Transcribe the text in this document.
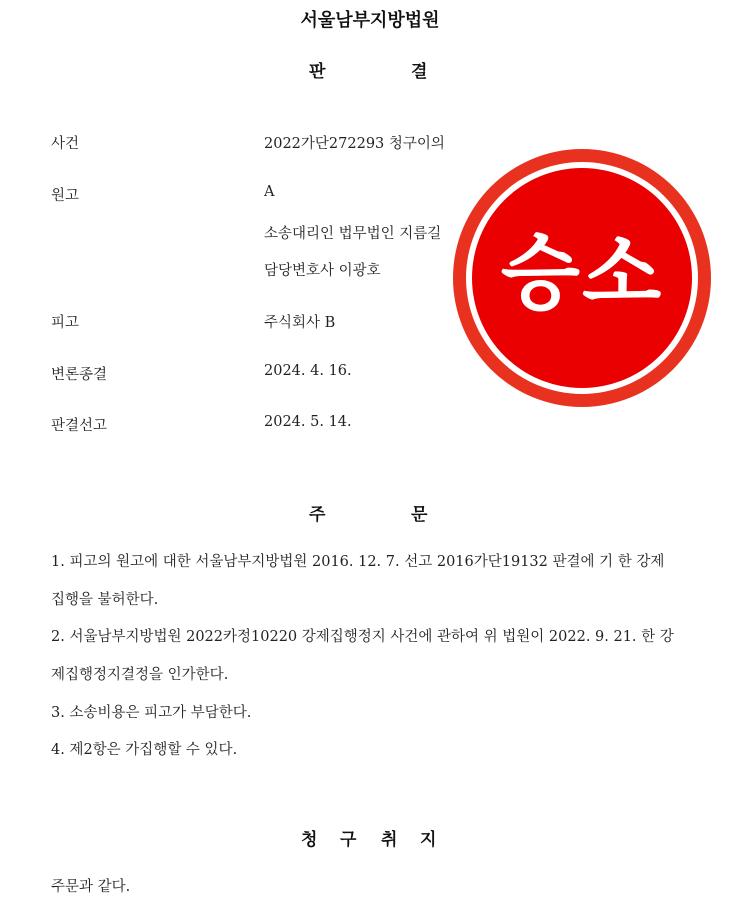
서울남부지방법원
판	결
사건	2022가단272293 청구이의
원고	A
소송대리인 법무법인 지름길
담당변호사 이광호
피고	주식회사 B
변론종결	2024. 4. 16.
판결선고	2024. 5. 14.
주	문
1. 피고의 원고에 대한 서울남부지방법원 2016. 12. 7. 선고 2016가단19132 판결에 기 한 강제
집행을 불허한다.
2. 서울남부지방법원 2022카정10220 강제집행정지 사건에 관하여 위 법원이 2022. 9. 21. 한 강
제집행정지결정을 인가한다.
3. 소송비용은 피고가 부담한다.
4. 제2항은 가집행할 수 있다.
청 구 취 지
주문과 같다.
승소
